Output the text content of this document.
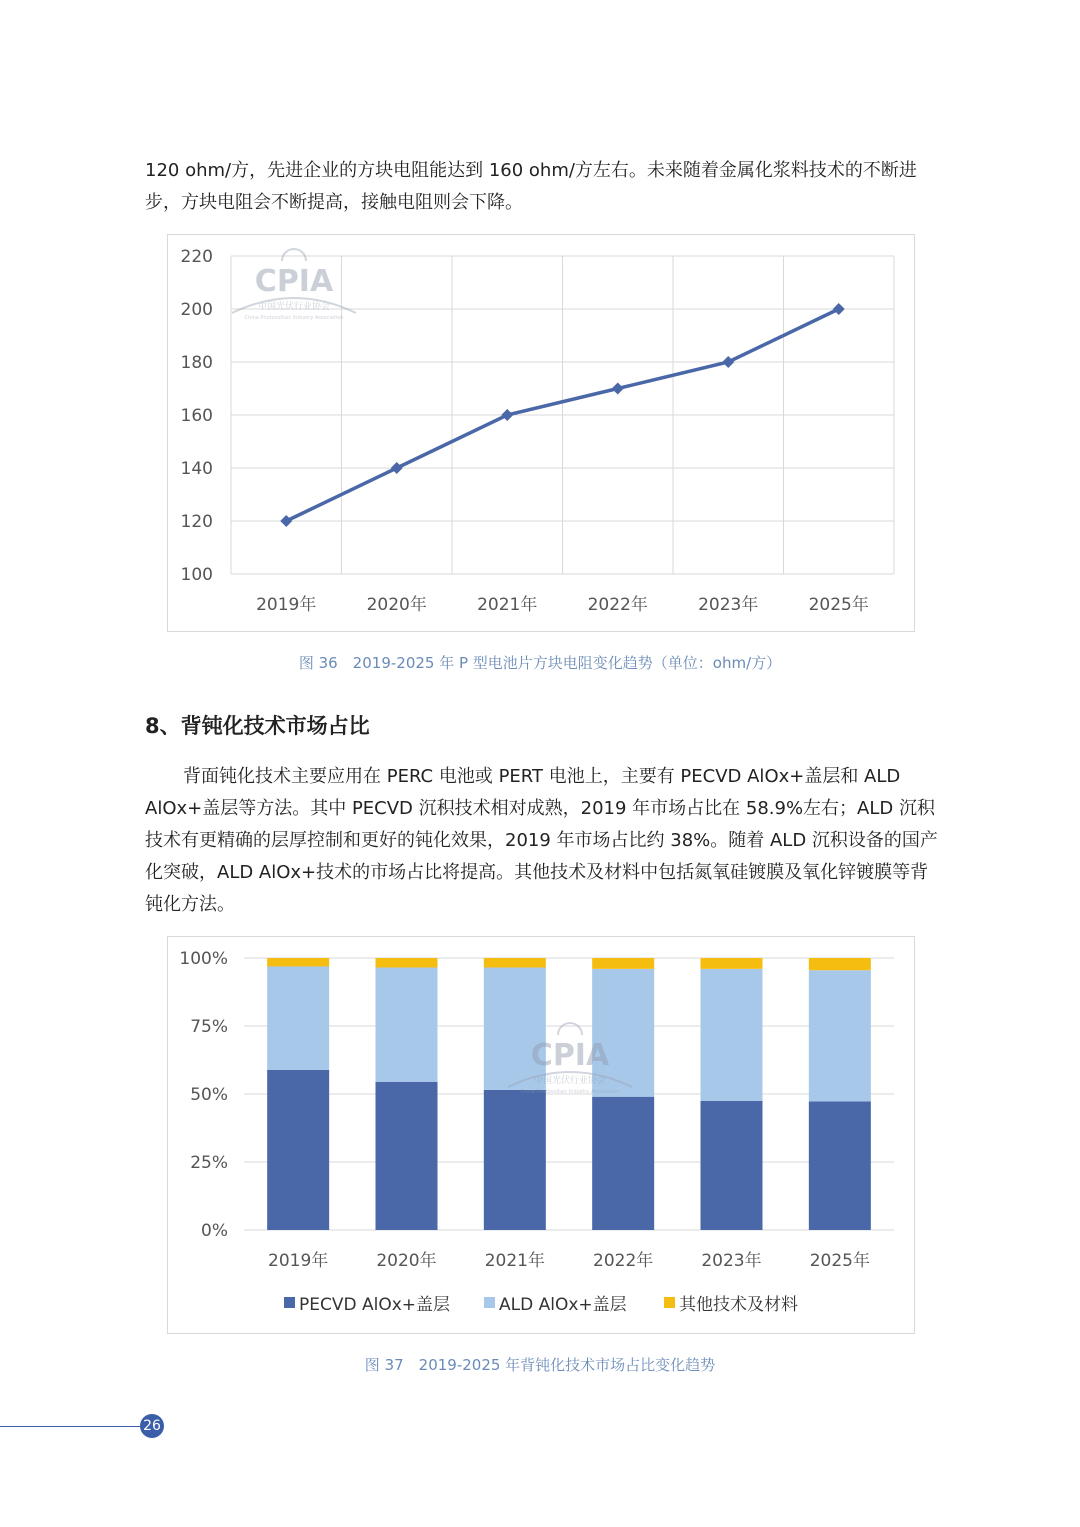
120 ohm/方，先进企业的方块电阻能达到 160 ohm/方左右。未来随着金属化浆料技术的不断进步，方块电阻会不断提高，接触电阻则会下降。

100
120
140
160
180
200
220
2019年	2020年	2021年	2022年	2023年	2025年
CPIA
中国光伏行业协会
China Photovoltaic Industry Association
图 36　2019-2025 年 P 型电池片方块电阻变化趋势（单位：ohm/方）
8、背钝化技术市场占比

背面钝化技术主要应用在 PERC 电池或 PERT 电池上，主要有 PECVD AlOx+盖层和 ALD AlOx+盖层等方法。其中 PECVD 沉积技术相对成熟，2019 年市场占比在 58.9%左右；ALD 沉积技术有更精确的层厚控制和更好的钝化效果，2019 年市场占比约 38%。随着 ALD 沉积设备的国产化突破，ALD AlOx+技术的市场占比将提高。其他技术及材料中包括氮氧硅镀膜及氧化锌镀膜等背钝化方法。

0%
25%
50%
75%
100%
2019年	2020年	2021年	2022年	2023年	2025年
CPIA
中国光伏行业协会
China Photovoltaic Industry Association
PECVD AlOx+盖层	ALD AlOx+盖层	其他技术及材料
图 37　2019-2025 年背钝化技术市场占比变化趋势
26
